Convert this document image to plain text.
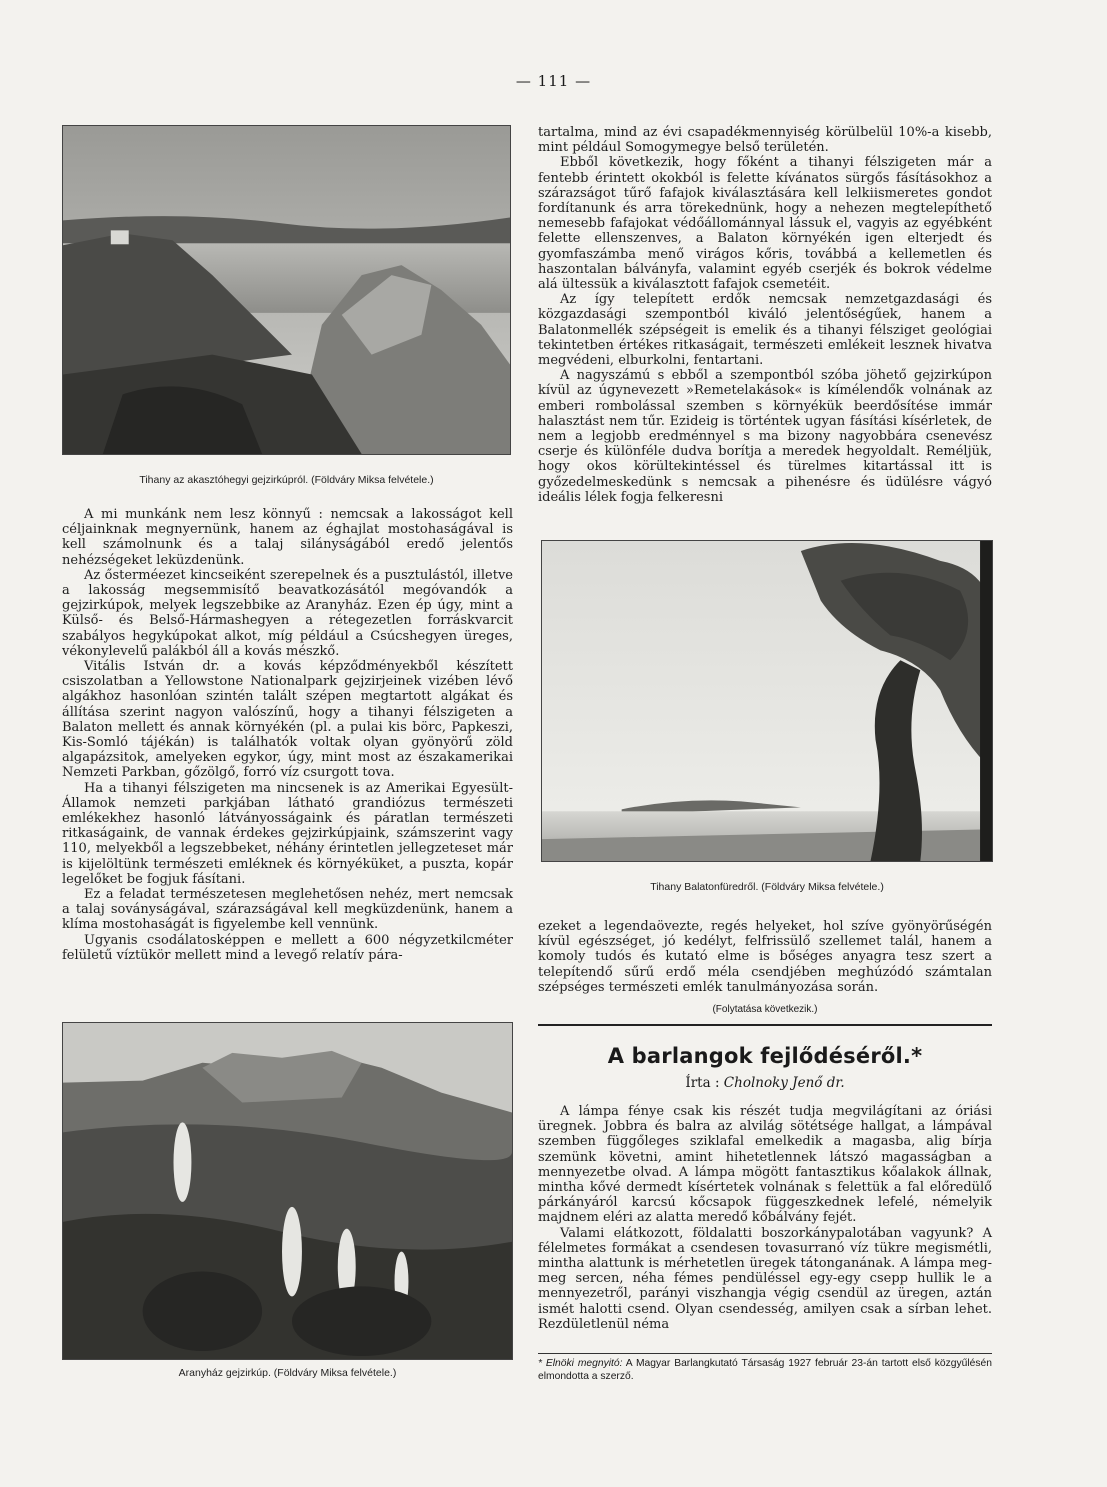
— 111 —
Tihany az akasztóhegyi gejzirkúpról. (Földváry Miksa felvétele.)

A mi munkánk nem lesz könnyű : nemcsak a lakosságot kell céljainknak megnyernünk, hanem az éghajlat mostohaságával is kell számolnunk és a talaj silányságából eredő jelentős nehézségeket leküzdenünk.

Az ősterméezet kincseiként szerepelnek és a pusztulástól, illetve a lakosság megsemmisítő beavatkozásától megóvandók a gejzirkúpok, melyek legszebbike az Aranyház. Ezen ép úgy, mint a Külső- és Belső-Hármashegyen a rétegezetlen forráskvarcit szabályos hegykúpokat alkot, míg például a Csúcshegyen üreges, vékonylevelű palákból áll a kovás mészkő.

Vitális István dr. a kovás képződményekből készített csiszolatban a Yellowstone Nationalpark gejzirjeinek vizében lévő algákhoz hasonlóan szintén talált szépen megtartott algákat és állítása szerint nagyon valószínű, hogy a tihanyi félszigeten a Balaton mellett és annak környékén (pl. a pulai kis börc, Papkeszi, Kis-Somló tájékán) is találhatók voltak olyan gyönyörű zöld algapázsitok, amelyeken egykor, úgy, mint most az északamerikai Nemzeti Parkban, gőzölgő, forró víz csurgott tova.

Ha a tihanyi félszigeten ma nincsenek is az Amerikai Egyesült-Államok nemzeti parkjában látható grandiózus természeti emlékekhez hasonló látványosságaink és páratlan természeti ritkaságaink, de vannak érdekes gejzirkúpjaink, számszerint vagy 110, melyekből a legszebbeket, néhány érintetlen jellegzeteset már is kijelöltünk természeti emléknek és környéküket, a puszta, kopár legelőket be fogjuk fásítani.

Ez a feladat természetesen meglehetősen nehéz, mert nemcsak a talaj soványságával, szárazságával kell megküzdenünk, hanem a klíma mostohaságát is figyelembe kell vennünk.

Ugyanis csodálatosképpen e mellett a 600 négyzetkilcméter felületű víztükör mellett mind a levegő relatív pára-

Aranyház gejzirkúp. (Földváry Miksa felvétele.)

tartalma, mind az évi csapadékmennyiség körülbelül 10%-a kisebb, mint például Somogymegye belső területén.

Ebből következik, hogy főként a tihanyi félszigeten már a fentebb érintett okokból is felette kívánatos sürgős fásításokhoz a szárazságot tűrő fafajok kiválasztására kell lelkiismeretes gondot fordítanunk és arra törekednünk, hogy a nehezen megtelepíthető nemesebb fafajokat védőállománnyal lássuk el, vagyis az egyébként felette ellenszenves, a Balaton környékén igen elterjedt és gyomfaszámba menő virágos kőris, továbbá a kellemetlen és haszontalan bálványfa, valamint egyéb cserjék és bokrok védelme alá ültessük a kiválasztott fafajok csemetéit.

Az így telepített erdők nemcsak nemzetgazdasági és közgazdasági szempontból kiváló jelentőségűek, hanem a Balatonmellék szépségeit is emelik és a tihanyi félsziget geológiai tekintetben értékes ritkaságait, természeti emlékeit lesznek hivatva megvédeni, elburkolni, fentartani.

A nagyszámú s ebből a szempontból szóba jöhető gejzirkúpon kívül az úgynevezett »Remetelakások« is kímélendők volnának az emberi rombolással szemben s környékük beerdősítése immár halasztást nem tűr. Ezideig is történtek ugyan fásítási kísérletek, de nem a legjobb eredménnyel s ma bizony nagyobbára csenevész cserje és különféle dudva borítja a meredek hegyoldalt. Reméljük, hogy okos körültekintéssel és türelmes kitartással itt is győzedelmeskedünk s nemcsak a pihenésre és üdülésre vágyó ideális lélek fogja felkeresni

Tihany Balatonfüredről. (Földváry Miksa felvétele.)

ezeket a legendaövezte, regés helyeket, hol szíve gyönyörűségén kívül egészséget, jó kedélyt, felfrissülő szellemet talál, hanem a komoly tudós és kutató elme is bőséges anyagra tesz szert a telepítendő sűrű erdő méla csendjében meghúzódó számtalan szépséges természeti emlék tanulmányozása során.

(Folytatása következik.)
A barlangok fejlődéséről.*
Írta : Cholnoky Jenő dr.

A lámpa fénye csak kis részét tudja megvilágítani az óriási üregnek. Jobbra és balra az alvilág sötétsége hallgat, a lámpával szemben függőleges sziklafal emelkedik a magasba, alig bírja szemünk követni, amint hihetetlennek látszó magasságban a mennyezetbe olvad. A lámpa mögött fantasztikus kőalakok állnak, mintha kővé dermedt kísértetek volnának s felettük a fal előredülő párkányáról karcsú kőcsapok függeszkednek lefelé, némelyik majdnem eléri az alatta meredő kőbálvány fejét.

Valami elátkozott, földalatti boszorkánypalotában vagyunk? A félelmetes formákat a csendesen tovasurranó víz tükre megismétli, mintha alattunk is mérhetetlen üregek tátonganának. A lámpa meg-meg sercen, néha fémes pendüléssel egy-egy csepp hullik le a mennyezetről, parányi viszhangja végig csendül az üregen, aztán ismét halotti csend. Olyan csendesség, amilyen csak a sírban lehet. Rezdületlenül néma

* Elnöki megnyitó: A Magyar Barlangkutató Társaság 1927 február 23-án tartott első közgyűlésén elmondotta a szerző.
